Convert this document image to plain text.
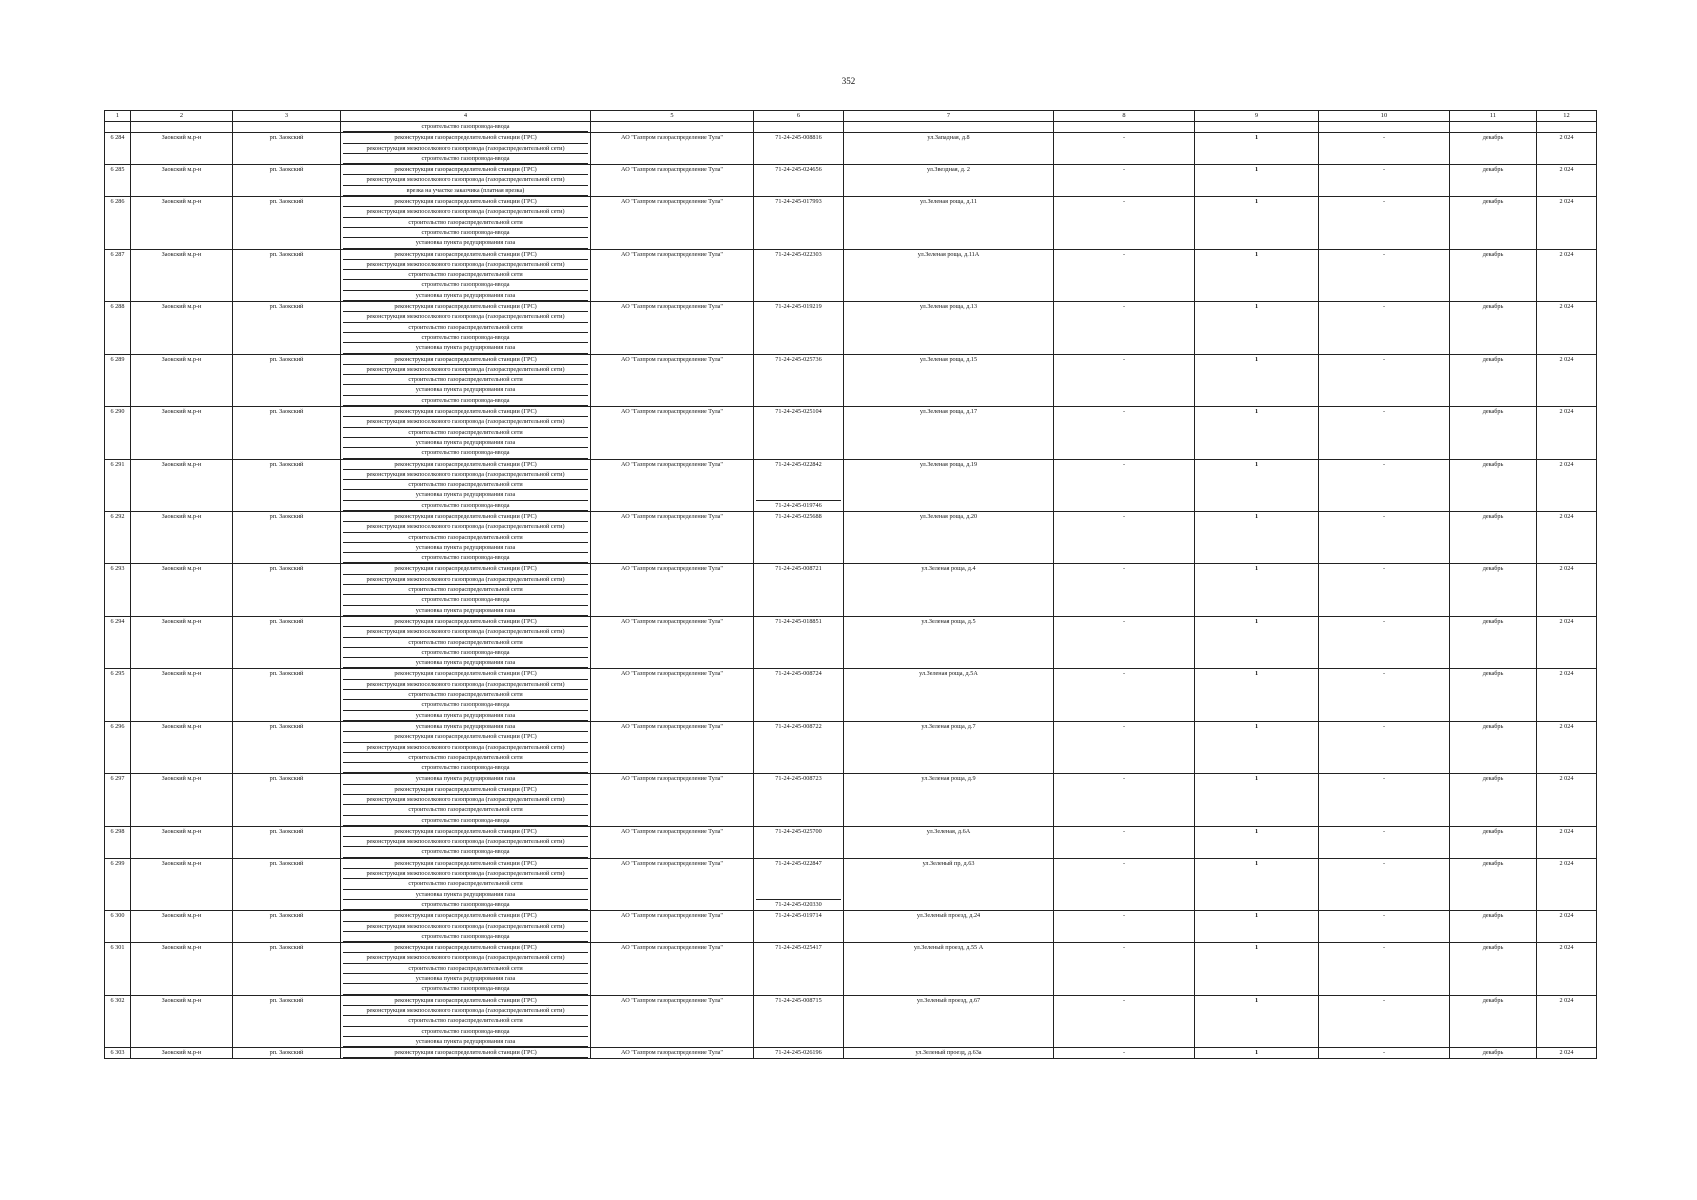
352
1	2	3	4	5	6	7	8	9	10	11	12

			строительство газопровода-ввода								

6 284	Заокский м.р-н	рп. Заокский	реконструкция газораспределительной станции (ГРС)
реконструкция межпоселкового газопровода (газораспределительной сети)
строительство газопровода-ввода	АО "Газпром газораспределение Тула"	71-24-245-008816	ул.Западная, д.8	-	1	-	декабрь	2 024
6 285	Заокский м.р-н	рп. Заокский	реконструкция газораспределительной станции (ГРС)
реконструкция межпоселкового газопровода (газораспределительной сети)
врезка на участке заказчика (платная врезка)	АО "Газпром газораспределение Тула"	71-24-245-024656	ул.Звездная, д. 2	-	1	-	декабрь	2 024
6 286	Заокский м.р-н	рп. Заокский	реконструкция газораспределительной станции (ГРС)
реконструкция межпоселкового газопровода (газораспределительной сети)
строительство газораспределительной сети
строительство газопровода-ввода
установка пункта редуцирования газа	АО "Газпром газораспределение Тула"	71-24-245-017993	ул.Зеленая роща, д.11	-	1	-	декабрь	2 024
6 287	Заокский м.р-н	рп. Заокский	реконструкция газораспределительной станции (ГРС)
реконструкция межпоселкового газопровода (газораспределительной сети)
строительство газораспределительной сети
строительство газопровода-ввода
установка пункта редуцирования газа	АО "Газпром газораспределение Тула"	71-24-245-022303	ул.Зеленая роща, д.11А	-	1	-	декабрь	2 024
6 288	Заокский м.р-н	рп. Заокский	реконструкция газораспределительной станции (ГРС)
реконструкция межпоселкового газопровода (газораспределительной сети)
строительство газораспределительной сети
строительство газопровода-ввода
установка пункта редуцирования газа	АО "Газпром газораспределение Тула"	71-24-245-019219	ул.Зеленая роща, д.13	-	1	-	декабрь	2 024
6 289	Заокский м.р-н	рп. Заокский	реконструкция газораспределительной станции (ГРС)
реконструкция межпоселкового газопровода (газораспределительной сети)
строительство газораспределительной сети
установка пункта редуцирования газа
строительство газопровода-ввода	АО "Газпром газораспределение Тула"	71-24-245-025736	ул.Зеленая роща, д.15	-	1	-	декабрь	2 024
6 290	Заокский м.р-н	рп. Заокский	реконструкция газораспределительной станции (ГРС)
реконструкция межпоселкового газопровода (газораспределительной сети)
строительство газораспределительной сети
установка пункта редуцирования газа
строительство газопровода-ввода	АО "Газпром газораспределение Тула"	71-24-245-025104	ул.Зеленая роща, д.17	-	1	-	декабрь	2 024
6 291	Заокский м.р-н	рп. Заокский	реконструкция газораспределительной станции (ГРС)
реконструкция межпоселкового газопровода (газораспределительной сети)
строительство газораспределительной сети
установка пункта редуцирования газа
строительство газопровода-ввода	АО "Газпром газораспределение Тула"	71-24-245-022842
71-24-245-019746	ул.Зеленая роща, д.19	-	1	-	декабрь	2 024
6 292	Заокский м.р-н	рп. Заокский	реконструкция газораспределительной станции (ГРС)
реконструкция межпоселкового газопровода (газораспределительной сети)
строительство газораспределительной сети
установка пункта редуцирования газа
строительство газопровода-ввода	АО "Газпром газораспределение Тула"	71-24-245-025688	ул.Зеленая роща, д.20	-	1	-	декабрь	2 024
6 293	Заокский м.р-н	рп. Заокский	реконструкция газораспределительной станции (ГРС)
реконструкция межпоселкового газопровода (газораспределительной сети)
строительство газораспределительной сети
строительство газопровода-ввода
установка пункта редуцирования газа	АО "Газпром газораспределение Тула"	71-24-245-008721	ул.Зеленая роща, д.4	-	1	-	декабрь	2 024
6 294	Заокский м.р-н	рп. Заокский	реконструкция газораспределительной станции (ГРС)
реконструкция межпоселкового газопровода (газораспределительной сети)
строительство газораспределительной сети
строительство газопровода-ввода
установка пункта редуцирования газа	АО "Газпром газораспределение Тула"	71-24-245-018851	ул.Зеленая роща, д.5	-	1	-	декабрь	2 024
6 295	Заокский м.р-н	рп. Заокский	реконструкция газораспределительной станции (ГРС)
реконструкция межпоселкового газопровода (газораспределительной сети)
строительство газораспределительной сети
строительство газопровода-ввода
установка пункта редуцирования газа	АО "Газпром газораспределение Тула"	71-24-245-008724	ул.Зеленая роща, д.5А	-	1	-	декабрь	2 024
6 296	Заокский м.р-н	рп. Заокский	установка пункта редуцирования газа
реконструкция газораспределительной станции (ГРС)
реконструкция межпоселкового газопровода (газораспределительной сети)
строительство газораспределительной сети
строительство газопровода-ввода	АО "Газпром газораспределение Тула"	71-24-245-008722	ул.Зеленая роща, д.7	-	1	-	декабрь	2 024
6 297	Заокский м.р-н	рп. Заокский	установка пункта редуцирования газа
реконструкция газораспределительной станции (ГРС)
реконструкция межпоселкового газопровода (газораспределительной сети)
строительство газораспределительной сети
строительство газопровода-ввода	АО "Газпром газораспределение Тула"	71-24-245-008723	ул.Зеленая роща, д.9	-	1	-	декабрь	2 024
6 298	Заокский м.р-н	рп. Заокский	реконструкция газораспределительной станции (ГРС)
реконструкция межпоселкового газопровода (газораспределительной сети)
строительство газопровода-ввода	АО "Газпром газораспределение Тула"	71-24-245-025700	ул.Зеленая, д.6А	-	1	-	декабрь	2 024
6 299	Заокский м.р-н	рп. Заокский	реконструкция газораспределительной станции (ГРС)
реконструкция межпоселкового газопровода (газораспределительной сети)
строительство газораспределительной сети
установка пункта редуцирования газа
строительство газопровода-ввода	АО "Газпром газораспределение Тула"	71-24-245-022847
71-24-245-020330	ул.Зеленый пр, д.63	-	1	-	декабрь	2 024
6 300	Заокский м.р-н	рп. Заокский	реконструкция газораспределительной станции (ГРС)
реконструкция межпоселкового газопровода (газораспределительной сети)
строительство газопровода-ввода	АО "Газпром газораспределение Тула"	71-24-245-019714	ул.Зеленый проезд, д.24	-	1	-	декабрь	2 024
6 301	Заокский м.р-н	рп. Заокский	реконструкция газораспределительной станции (ГРС)
реконструкция межпоселкового газопровода (газораспределительной сети)
строительство газораспределительной сети
установка пункта редуцирования газа
строительство газопровода-ввода	АО "Газпром газораспределение Тула"	71-24-245-025417	ул.Зеленый проезд, д.55 А	-	1	-	декабрь	2 024
6 302	Заокский м.р-н	рп. Заокский	реконструкция газораспределительной станции (ГРС)
реконструкция межпоселкового газопровода (газораспределительной сети)
строительство газораспределительной сети
строительство газопровода-ввода
установка пункта редуцирования газа	АО "Газпром газораспределение Тула"	71-24-245-008715	ул.Зеленый проезд, д.67	-	1	-	декабрь	2 024
6 303	Заокский м.р-н	рп. Заокский	реконструкция газораспределительной станции (ГРС)	АО "Газпром газораспределение Тула"	71-24-245-026196	ул.Зеленый проезд, д.63а	-	1	-	декабрь	2 024
